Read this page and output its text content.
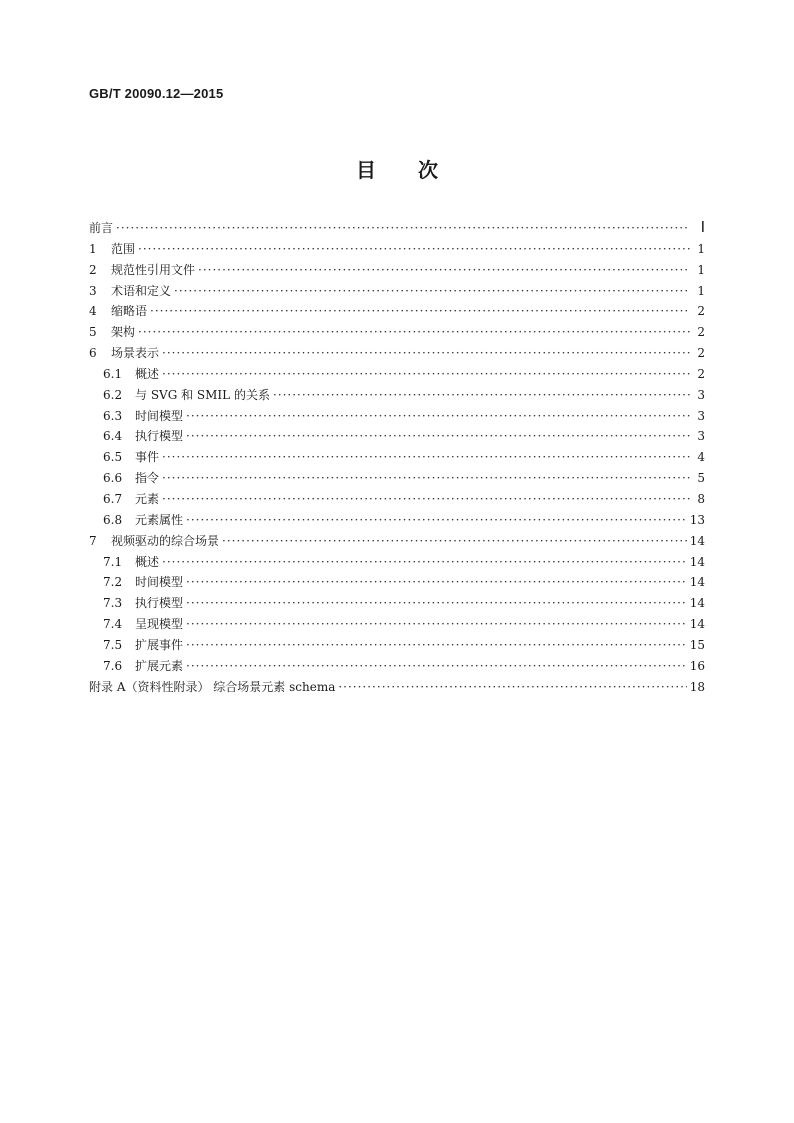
GB/T 20090.12—2015
目次
前言 ·····	Ⅰ
1	范围 ·····	1
2	规范性引用文件 ·····	1
3	术语和定义 ·····	1
4	缩略语 ·····	2
5	架构 ·····	2
6	场景表示 ·····	2
6.1	概述 ·····	2
6.2	与 SVG 和 SMIL 的关系 ·····	3
6.3	时间模型 ·····	3
6.4	执行模型 ·····	3
6.5	事件 ·····	4
6.6	指令 ·····	5
6.7	元素 ·····	8
6.8	元素属性 ·····	13
7	视频驱动的综合场景 ·····	14
7.1	概述 ·····	14
7.2	时间模型 ·····	14
7.3	执行模型 ·····	14
7.4	呈现模型 ·····	14
7.5	扩展事件 ·····	15
7.6	扩展元素 ·····	16
附录 A（资料性附录） 综合场景元素 schema ·····	18
